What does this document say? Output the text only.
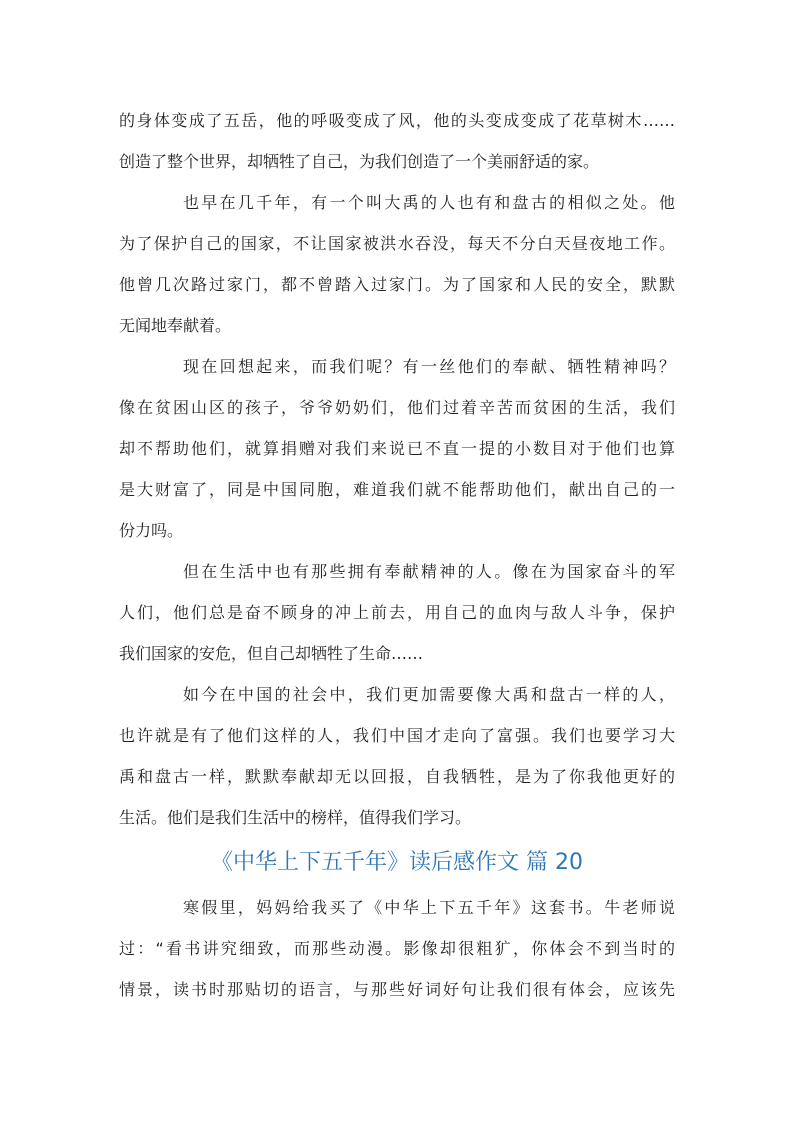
的身体变成了五岳，他的呼吸变成了风，他的头变成变成了花草树木……
创造了整个世界，却牺牲了自己，为我们创造了一个美丽舒适的家。
也早在几千年，有一个叫大禹的人也有和盘古的相似之处。他
为了保护自己的国家，不让国家被洪水吞没，每天不分白天昼夜地工作。
他曾几次路过家门，都不曾踏入过家门。为了国家和人民的安全，默默
无闻地奉献着。
现在回想起来，而我们呢？有一丝他们的奉献、牺牲精神吗？
像在贫困山区的孩子，爷爷奶奶们，他们过着辛苦而贫困的生活，我们
却不帮助他们，就算捐赠对我们来说已不直一提的小数目对于他们也算
是大财富了，同是中国同胞，难道我们就不能帮助他们，献出自己的一
份力吗。
但在生活中也有那些拥有奉献精神的人。像在为国家奋斗的军
人们，他们总是奋不顾身的冲上前去，用自己的血肉与敌人斗争，保护
我们国家的安危，但自己却牺牲了生命……
如今在中国的社会中，我们更加需要像大禹和盘古一样的人，
也许就是有了他们这样的人，我们中国才走向了富强。我们也要学习大
禹和盘古一样，默默奉献却无以回报，自我牺牲，是为了你我他更好的
生活。他们是我们生活中的榜样，值得我们学习。
《中华上下五千年》读后感作文 篇 20
寒假里，妈妈给我买了《中华上下五千年》这套书。牛老师说
过：“看书讲究细致，而那些动漫。影像却很粗犷，你体会不到当时的
情景，读书时那贴切的语言，与那些好词好句让我们很有体会，应该先
